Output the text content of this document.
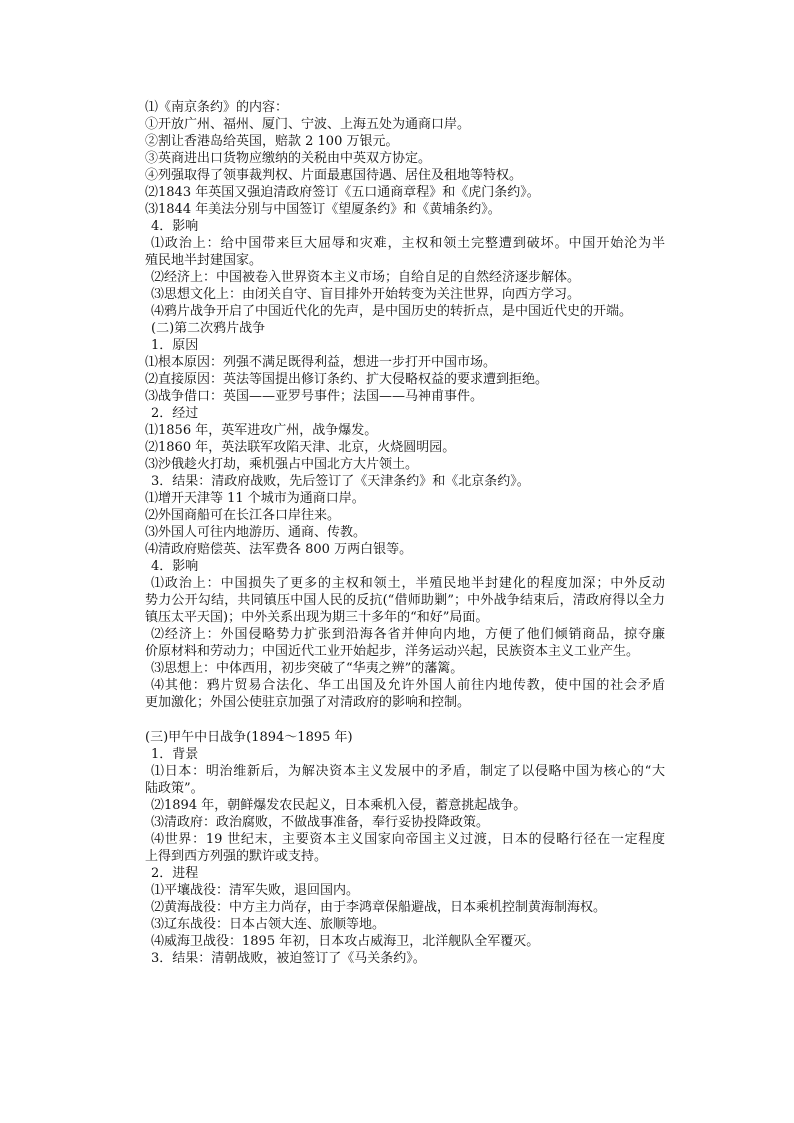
⑴《南京条约》的内容：
①开放广州、福州、厦门、宁波、上海五处为通商口岸。
②割让香港岛给英国，赔款 2 100 万银元。
③英商进出口货物应缴纳的关税由中英双方协定。
④列强取得了领事裁判权、片面最惠国待遇、居住及租地等特权。
⑵1843 年英国又强迫清政府签订《五口通商章程》和《虎门条约》。
⑶1844 年美法分别与中国签订《望厦条约》和《黄埔条约》。
4．影响
⑴政治上：给中国带来巨大屈辱和灾难，主权和领土完整遭到破坏。中国开始沦为半
殖民地半封建国家。
⑵经济上：中国被卷入世界资本主义市场；自给自足的自然经济逐步解体。
⑶思想文化上：由闭关自守、盲目排外开始转变为关注世界，向西方学习。
⑷鸦片战争开启了中国近代化的先声，是中国历史的转折点，是中国近代史的开端。
(二)第二次鸦片战争
1．原因
⑴根本原因：列强不满足既得利益，想进一步打开中国市场。
⑵直接原因：英法等国提出修订条约、扩大侵略权益的要求遭到拒绝。
⑶战争借口：英国——亚罗号事件；法国——马神甫事件。
2．经过
⑴1856 年，英军进攻广州，战争爆发。
⑵1860 年，英法联军攻陷天津、北京，火烧圆明园。
⑶沙俄趁火打劫，乘机强占中国北方大片领土。
3．结果：清政府战败，先后签订了《天津条约》和《北京条约》。
⑴增开天津等 11 个城市为通商口岸。
⑵外国商船可在长江各口岸往来。
⑶外国人可往内地游历、通商、传教。
⑷清政府赔偿英、法军费各 800 万两白银等。
4．影响
⑴政治上：中国损失了更多的主权和领土，半殖民地半封建化的程度加深；中外反动
势力公开勾结，共同镇压中国人民的反抗(“借师助剿”；中外战争结束后，清政府得以全力
镇压太平天国)；中外关系出现为期三十多年的“和好”局面。
⑵经济上：外国侵略势力扩张到沿海各省并伸向内地，方便了他们倾销商品，掠夺廉
价原材料和劳动力；中国近代工业开始起步，洋务运动兴起，民族资本主义工业产生。
⑶思想上：中体西用，初步突破了“华夷之辨”的藩篱。
⑷其他：鸦片贸易合法化、华工出国及允许外国人前往内地传教，使中国的社会矛盾
更加激化；外国公使驻京加强了对清政府的影响和控制。
(三)甲午中日战争(1894～1895 年)
1．背景
⑴日本：明治维新后，为解决资本主义发展中的矛盾，制定了以侵略中国为核心的“大
陆政策”。
⑵1894 年，朝鲜爆发农民起义，日本乘机入侵，蓄意挑起战争。
⑶清政府：政治腐败，不做战事准备，奉行妥协投降政策。
⑷世界：19 世纪末，主要资本主义国家向帝国主义过渡，日本的侵略行径在一定程度
上得到西方列强的默许或支持。
2．进程
⑴平壤战役：清军失败，退回国内。
⑵黄海战役：中方主力尚存，由于李鸿章保船避战，日本乘机控制黄海制海权。
⑶辽东战役：日本占领大连、旅顺等地。
⑷威海卫战役：1895 年初，日本攻占威海卫，北洋舰队全军覆灭。
3．结果：清朝战败，被迫签订了《马关条约》。
